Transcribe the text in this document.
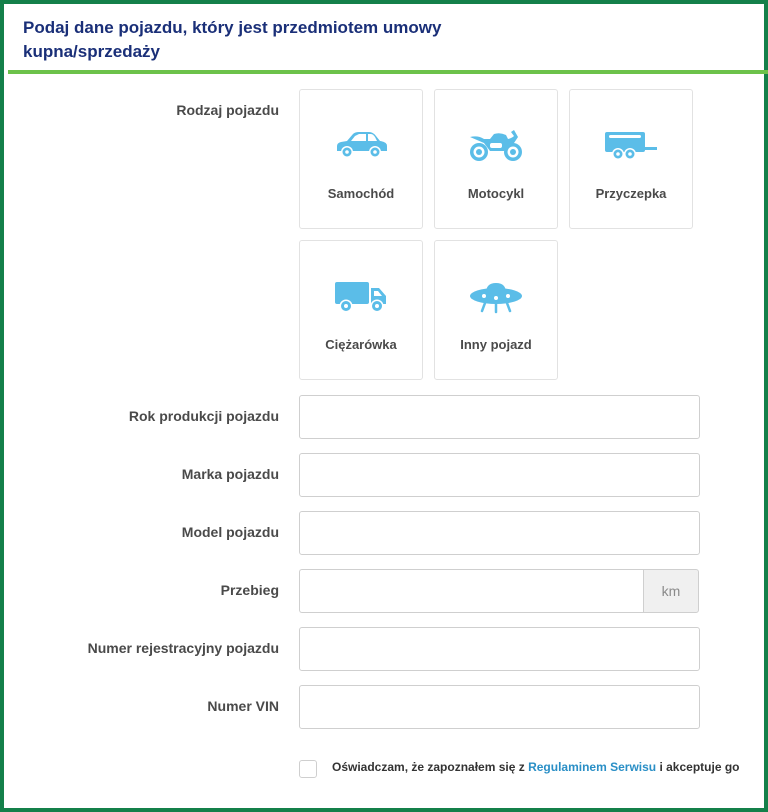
Podaj dane pojazdu, który jest przedmiotem umowy kupna/sprzedaży
Rodzaj pojazdu
Samochód	Motocykl	Przyczepka
Ciężarówka	Inny pojazd
Rok produkcji pojazdu
Marka pojazdu
Model pojazdu
Przebieg	km
Numer rejestracyjny pojazdu
Numer VIN
Oświadczam, że zapoznałem się z Regulaminem Serwisu i akceptuje go
